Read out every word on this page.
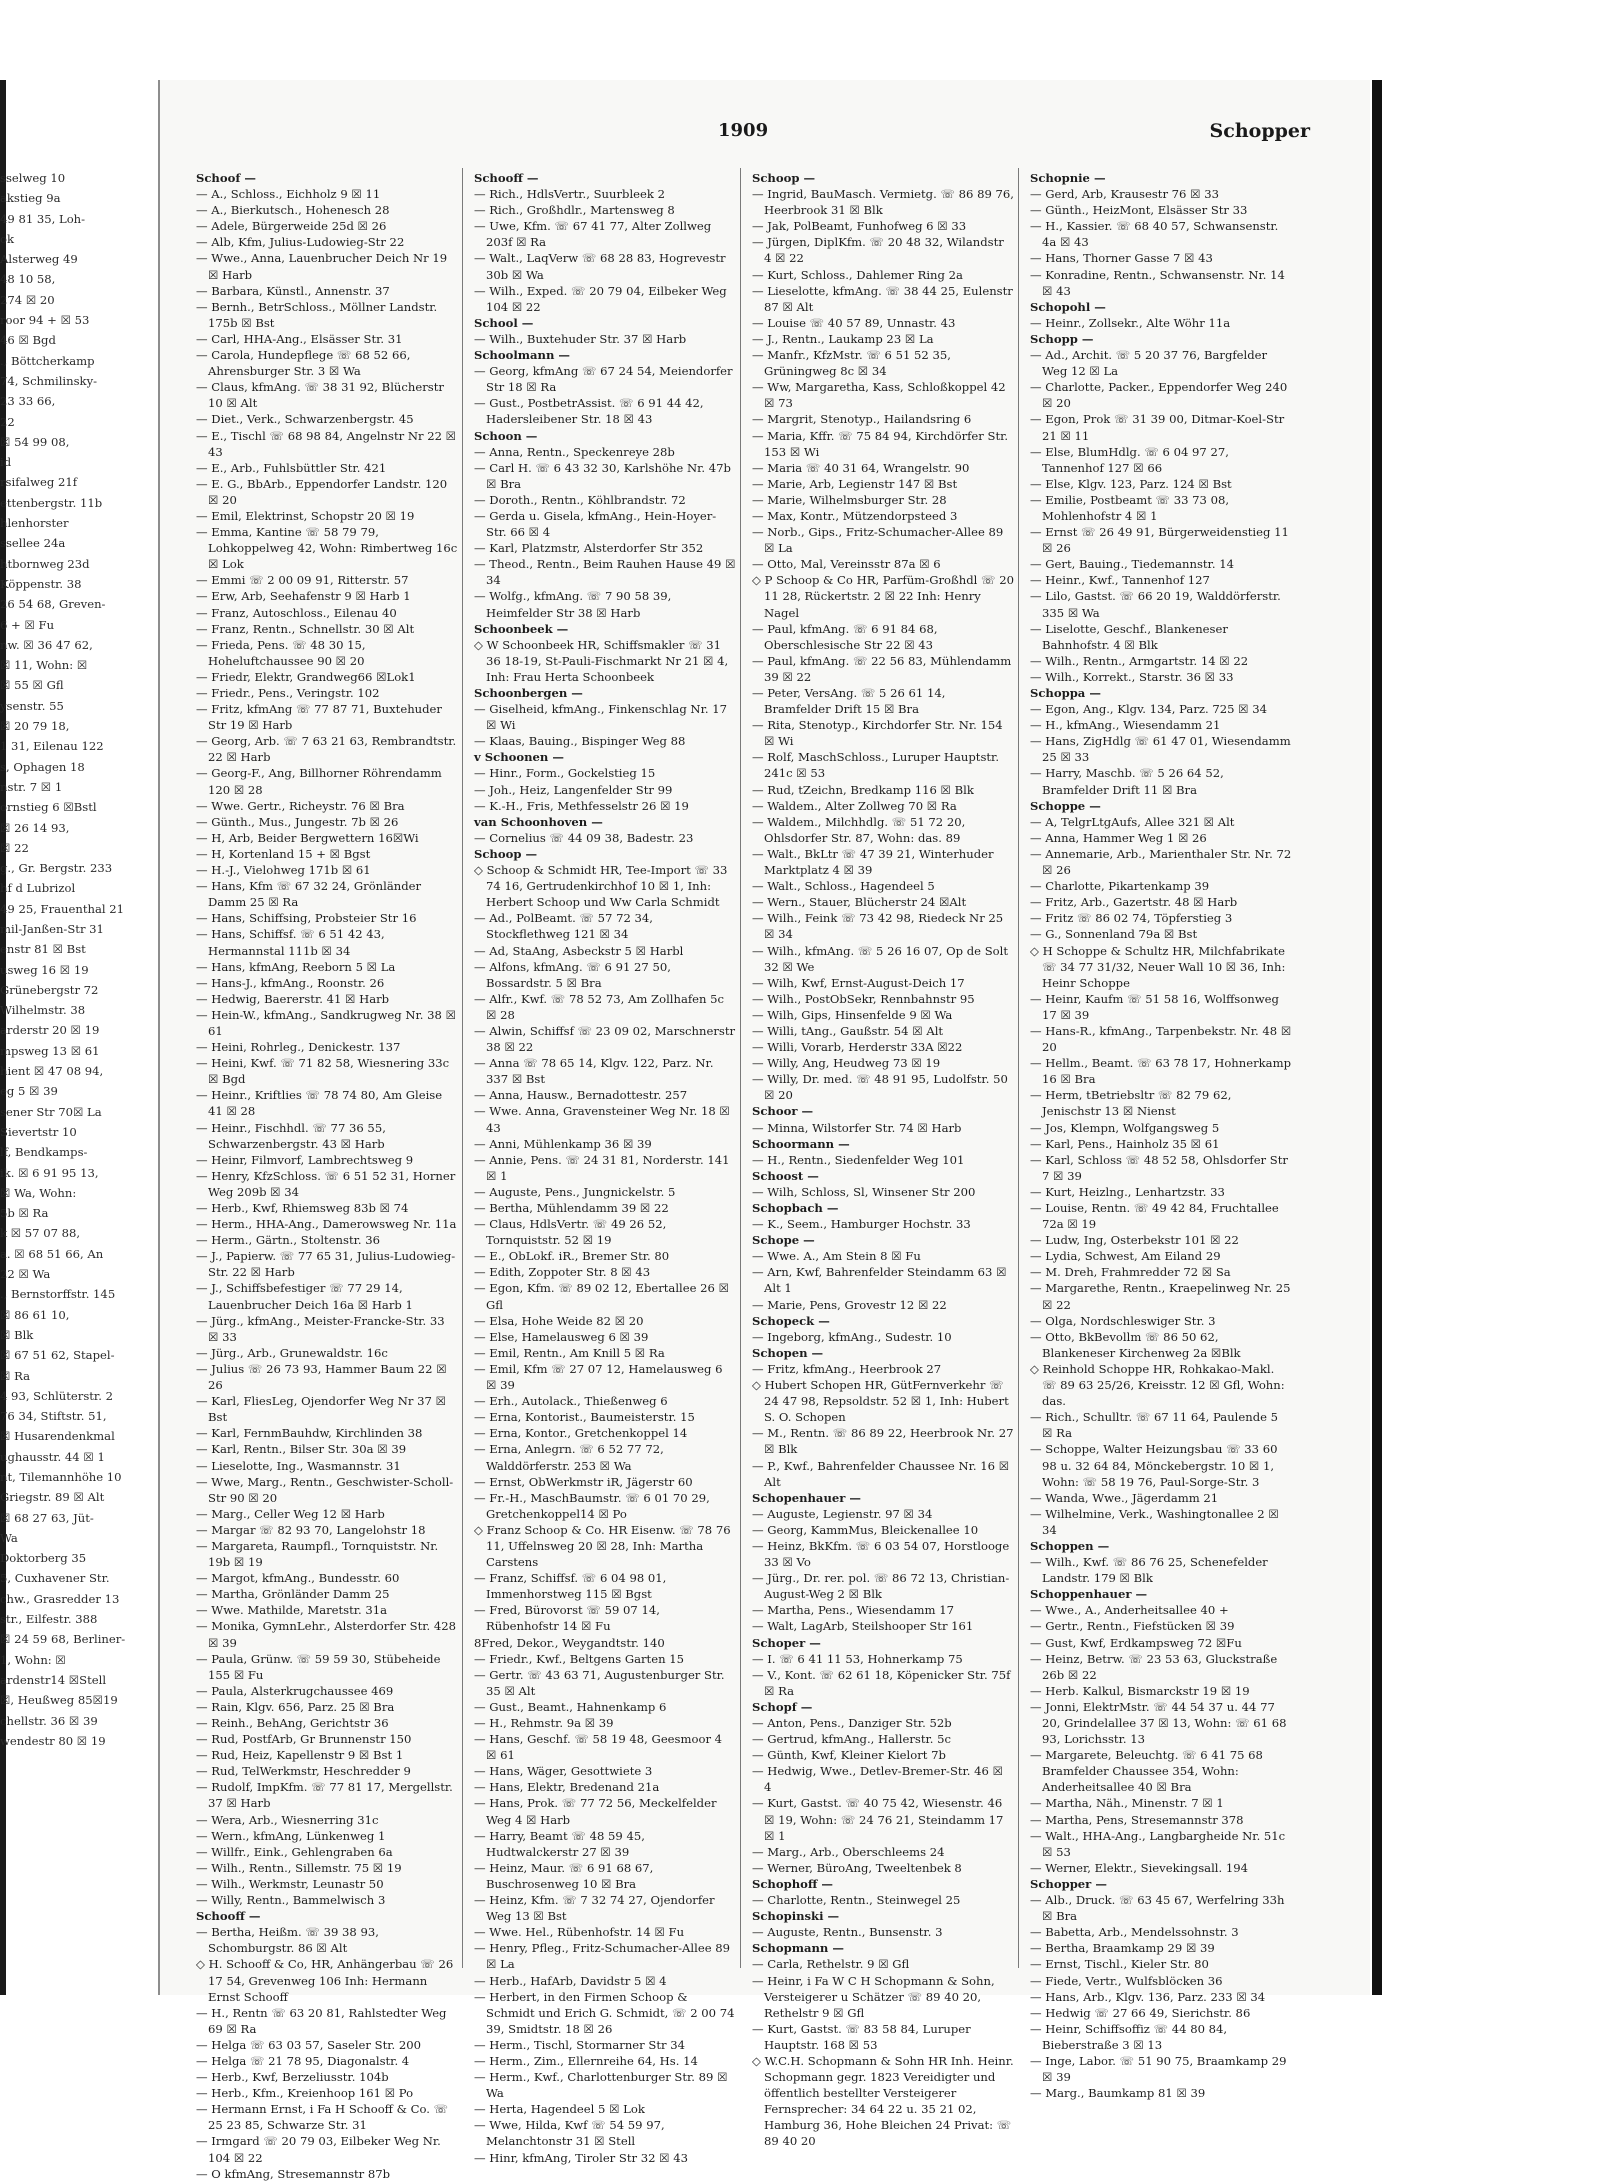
sselweg 10
akstieg 9a
49 81 35, Loh-
ok
Alsterweg 49
48 10 58,
274 ☒ 20
roor 94 + ☒ 53
46 ☒ Bgd
., Böttcherkamp
74, Schmilinsky-
23 33 66,
22
☒ 54 99 08,
id
rsifalweg 21f
ettenbergstr. 11b
hlenhorster
ssellee 24a
htbornweg 23d
Köppenstr. 38
26 54 68, Greven-
6 + ☒ Fu
nw. ☒ 36 47 62,
☒ 11, Wohn: ☒
☒ 55 ☒ Gfl
ysenstr. 55
☒ 20 79 18,
1 31, Eilenau 122
s, Ophagen 18
nstr. 7 ☒ 1
ornstieg 6 ☒Bstl
☒ 26 14 93,
☒ 22
g., Gr. Bergstr. 233
hf d Lubrizol
49 25, Frauenthal 21
mil-Janßen-Str 31
enstr 81 ☒ Bst
usweg 16 ☒ 19
Grünebergstr 72
Wilhelmstr. 38
arderstr 20 ☒ 19
mpsweg 13 ☒ 61
hient ☒ 47 08 94,
eg 5 ☒ 39
sener Str 70☒ La
Sievertstr 10
lf, Bendkamps-
ik. ☒ 6 91 95 13,
☒ Wa, Wohn:
5b ☒ Ra
k ☒ 57 07 88,
a. ☒ 68 51 66, An
22 ☒ Wa
., Bernstorffstr. 145
☒ 86 61 10,
☒ Blk
☒ 67 51 62, Stapel-
☒ Ra
4 93, Schlüterstr. 2
76 34, Stiftstr. 51,
☒ Husarendenkmal
ughausstr. 44 ☒ 1
nt, Tilemannhöhe 10
Griegstr. 89 ☒ Alt
☒ 68 27 63, Jüt-
Wa
Doktorberg 35
5, Cuxhavener Str.
chw., Grasredder 13
str., Eilfestr. 388
☒ 24 59 68, Berliner-
1, Wohn: ☒
ardenstr14 ☒Stell
☒, Heußweg 85☒19
chellstr. 36 ☒ 39
wendestr 80 ☒ 19
1909	Schopper
Schoof —
— A., Schloss., Eichholz 9 ☒ 11
— A., Bierkutsch., Hohenesch 28
— Adele, Bürgerweide 25d ☒ 26
— Alb, Kfm, Julius-Ludowieg-Str 22
— Wwe., Anna, Lauenbrucher Deich Nr 19 ☒ Harb
— Barbara, Künstl., Annenstr. 37
— Bernh., BetrSchloss., Möllner Landstr. 175b ☒ Bst
— Carl, HHA-Ang., Elsässer Str. 31
— Carola, Hundepflege ☏ 68 52 66, Ahrensburger Str. 3 ☒ Wa
— Claus, kfmAng. ☏ 38 31 92, Blücherstr 10 ☒ Alt
— Diet., Verk., Schwarzenbergstr. 45
— E., Tischl ☏ 68 98 84, Angelnstr Nr 22 ☒ 43
— E., Arb., Fuhlsbüttler Str. 421
— E. G., BbArb., Eppendorfer Landstr. 120 ☒ 20
— Emil, Elektrinst, Schopstr 20 ☒ 19
— Emma, Kantine ☏ 58 79 79, Lohkoppelweg 42, Wohn: Rimbertweg 16c ☒ Lok
— Emmi ☏ 2 00 09 91, Ritterstr. 57
— Erw, Arb, Seehafenstr 9 ☒ Harb 1
— Franz, Autoschloss., Eilenau 40
— Franz, Rentn., Schnellstr. 30 ☒ Alt
— Frieda, Pens. ☏ 48 30 15, Hoheluftchaussee 90 ☒ 20
— Friedr, Elektr, Grandweg66 ☒Lok1
— Friedr., Pens., Veringstr. 102
— Fritz, kfmAng ☏ 77 87 71, Buxtehuder Str 19 ☒ Harb
— Georg, Arb. ☏ 7 63 21 63, Rembrandtstr. 22 ☒ Harb
— Georg-F., Ang, Billhorner Röhrendamm 120 ☒ 28
— Wwe. Gertr., Richeystr. 76 ☒ Bra
— Günth., Mus., Jungestr. 7b ☒ 26
— H, Arb, Beider Bergwettern 16☒Wi
— H, Kortenland 15 + ☒ Bgst
— H.-J., Vielohweg 171b ☒ 61
— Hans, Kfm ☏ 67 32 24, Grönländer Damm 25 ☒ Ra
— Hans, Schiffsing, Probsteier Str 16
— Hans, Schiffsf. ☏ 6 51 42 43, Hermannstal 111b ☒ 34
— Hans, kfmAng, Reeborn 5 ☒ La
— Hans-J., kfmAng., Roonstr. 26
— Hedwig, Baererstr. 41 ☒ Harb
— Hein-W., kfmAng., Sandkrugweg Nr. 38 ☒ 61
— Heini, Rohrleg., Denickestr. 137
— Heini, Kwf. ☏ 71 82 58, Wiesnering 33c ☒ Bgd
— Heinr., Kriftlies ☏ 78 74 80, Am Gleise 41 ☒ 28
— Heinr., Fischhdl. ☏ 77 36 55, Schwarzenbergstr. 43 ☒ Harb
— Heinr, Filmvorf, Lambrechtsweg 9
— Henry, KfzSchloss. ☏ 6 51 52 31, Horner Weg 209b ☒ 34
— Herb., Kwf, Rhiemsweg 83b ☒ 74
— Herm., HHA-Ang., Damerowsweg Nr. 11a
— Herm., Gärtn., Stoltenstr. 36
— J., Papierw. ☏ 77 65 31, Julius-Ludowieg-Str. 22 ☒ Harb
— J., Schiffsbefestiger ☏ 77 29 14, Lauenbrucher Deich 16a ☒ Harb 1
— Jürg., kfmAng., Meister-Francke-Str. 33 ☒ 33
— Jürg., Arb., Grunewaldstr. 16c
— Julius ☏ 26 73 93, Hammer Baum 22 ☒ 26
— Karl, FliesLeg, Ojendorfer Weg Nr 37 ☒ Bst
— Karl, FernmBauhdw, Kirchlinden 38
— Karl, Rentn., Bilser Str. 30a ☒ 39
— Lieselotte, Ing., Wasmannstr. 31
— Wwe, Marg., Rentn., Geschwister-Scholl-Str 90 ☒ 20
— Marg., Celler Weg 12 ☒ Harb
— Margar ☏ 82 93 70, Langelohstr 18
— Margareta, Raumpfl., Tornquiststr. Nr. 19b ☒ 19
— Margot, kfmAng., Bundesstr. 60
— Martha, Grönländer Damm 25
— Wwe. Mathilde, Maretstr. 31a
— Monika, GymnLehr., Alsterdorfer Str. 428 ☒ 39
— Paula, Grünw. ☏ 59 59 30, Stübeheide 155 ☒ Fu
— Paula, Alsterkrugchaussee 469
— Rain, Klgv. 656, Parz. 25 ☒ Bra
— Reinh., BehAng, Gerichtstr 36
— Rud, PostfArb, Gr Brunnenstr 150
— Rud, Heiz, Kapellenstr 9 ☒ Bst 1
— Rud, TelWerkmstr, Heschredder 9
— Rudolf, ImpKfm. ☏ 77 81 17, Mergellstr. 37 ☒ Harb
— Wera, Arb., Wiesnerring 31c
— Wern., kfmAng, Lünkenweg 1
— Willfr., Eink., Gehlengraben 6a
— Wilh., Rentn., Sillemstr. 75 ☒ 19
— Wilh., Werkmstr, Leunastr 50
— Willy, Rentn., Bammelwisch 3
Schooff —
— Bertha, Heißm. ☏ 39 38 93, Schomburgstr. 86 ☒ Alt
◇ H. Schooff & Co, HR, Anhängerbau ☏ 26 17 54, Grevenweg 106 Inh: Hermann Ernst Schooff
— H., Rentn ☏ 63 20 81, Rahlstedter Weg 69 ☒ Ra
— Helga ☏ 63 03 57, Saseler Str. 200
— Helga ☏ 21 78 95, Diagonalstr. 4
— Herb., Kwf, Berzeliusstr. 104b
— Herb., Kfm., Kreienhoop 161 ☒ Po
— Hermann Ernst, i Fa H Schooff & Co. ☏ 25 23 85, Schwarze Str. 31
— Irmgard ☏ 20 79 03, Eilbeker Weg Nr. 104 ☒ 22
— O kfmAng, Stresemannstr 87b
Schooff —
— Rich., HdlsVertr., Suurbleek 2
— Rich., Großhdlr., Martensweg 8
— Uwe, Kfm. ☏ 67 41 77, Alter Zollweg 203f ☒ Ra
— Walt., LaqVerw ☏ 68 28 83, Hogrevestr 30b ☒ Wa
— Wilh., Exped. ☏ 20 79 04, Eilbeker Weg 104 ☒ 22
School —
— Wilh., Buxtehuder Str. 37 ☒ Harb
Schoolmann —
— Georg, kfmAng ☏ 67 24 54, Meiendorfer Str 18 ☒ Ra
— Gust., PostbetrAssist. ☏ 6 91 44 42, Hadersleibener Str. 18 ☒ 43
Schoon —
— Anna, Rentn., Speckenreye 28b
— Carl H. ☏ 6 43 32 30, Karlshöhe Nr. 47b ☒ Bra
— Doroth., Rentn., Köhlbrandstr. 72
— Gerda u. Gisela, kfmAng., Hein-Hoyer-Str. 66 ☒ 4
— Karl, Platzmstr, Alsterdorfer Str 352
— Theod., Rentn., Beim Rauhen Hause 49 ☒ 34
— Wolfg., kfmAng. ☏ 7 90 58 39, Heimfelder Str 38 ☒ Harb
Schoonbeek —
◇ W Schoonbeek HR, Schiffsmakler ☏ 31 36 18-19, St-Pauli-Fischmarkt Nr 21 ☒ 4, Inh: Frau Herta Schoonbeek
Schoonbergen —
— Giselheid, kfmAng., Finkenschlag Nr. 17 ☒ Wi
— Klaas, Bauing., Bispinger Weg 88
v Schoonen —
— Hinr., Form., Gockelstieg 15
— Joh., Heiz, Langenfelder Str 99
— K.-H., Fris, Methfesselstr 26 ☒ 19
van Schoonhoven —
— Cornelius ☏ 44 09 38, Badestr. 23
Schoop —
◇ Schoop & Schmidt HR, Tee-Import ☏ 33 74 16, Gertrudenkirchhof 10 ☒ 1, Inh: Herbert Schoop und Ww Carla Schmidt
— Ad., PolBeamt. ☏ 57 72 34, Stockflethweg 121 ☒ 34
— Ad, StaAng, Asbeckstr 5 ☒ Harbl
— Alfons, kfmAng. ☏ 6 91 27 50, Bossardstr. 5 ☒ Bra
— Alfr., Kwf. ☏ 78 52 73, Am Zollhafen 5c ☒ 28
— Alwin, Schiffsf ☏ 23 09 02, Marschnerstr 38 ☒ 22
— Anna ☏ 78 65 14, Klgv. 122, Parz. Nr. 337 ☒ Bst
— Anna, Hausw., Bernadottestr. 257
— Wwe. Anna, Gravensteiner Weg Nr. 18 ☒ 43
— Anni, Mühlenkamp 36 ☒ 39
— Annie, Pens. ☏ 24 31 81, Norderstr. 141 ☒ 1
— Auguste, Pens., Jungnickelstr. 5
— Bertha, Mühlendamm 39 ☒ 22
— Claus, HdlsVertr. ☏ 49 26 52, Tornquiststr. 52 ☒ 19
— E., ObLokf. iR., Bremer Str. 80
— Edith, Zoppoter Str. 8 ☒ 43
— Egon, Kfm. ☏ 89 02 12, Ebertallee 26 ☒ Gfl
— Elsa, Hohe Weide 82 ☒ 20
— Else, Hamelausweg 6 ☒ 39
— Emil, Rentn., Am Knill 5 ☒ Ra
— Emil, Kfm ☏ 27 07 12, Hamelausweg 6 ☒ 39
— Erh., Autolack., Thießenweg 6
— Erna, Kontorist., Baumeisterstr. 15
— Erna, Kontor., Gretchenkoppel 14
— Erna, Anlegrn. ☏ 6 52 77 72, Walddörferstr. 253 ☒ Wa
— Ernst, ObWerkmstr iR, Jägerstr 60
— Fr.-H., MaschBaumstr. ☏ 6 01 70 29, Gretchenkoppel14 ☒ Po
◇ Franz Schoop & Co. HR Eisenw. ☏ 78 76 11, Uffelnsweg 20 ☒ 28, Inh: Martha Carstens
— Franz, Schiffsf. ☏ 6 04 98 01, Immenhorstweg 115 ☒ Bgst
— Fred, Bürovorst ☏ 59 07 14, Rübenhofstr 14 ☒ Fu
8Fred, Dekor., Weygandtstr. 140
— Friedr., Kwf., Beltgens Garten 15
— Gertr. ☏ 43 63 71, Augustenburger Str. 35 ☒ Alt
— Gust., Beamt., Hahnenkamp 6
— H., Rehmstr. 9a ☒ 39
— Hans, Geschf. ☏ 58 19 48, Geesmoor 4 ☒ 61
— Hans, Wäger, Gesottwiete 3
— Hans, Elektr, Bredenand 21a
— Hans, Prok. ☏ 77 72 56, Meckelfelder Weg 4 ☒ Harb
— Harry, Beamt ☏ 48 59 45, Hudtwalckerstr 27 ☒ 39
— Heinz, Maur. ☏ 6 91 68 67, Buschrosenweg 10 ☒ Bra
— Heinz, Kfm. ☏ 7 32 74 27, Ojendorfer Weg 13 ☒ Bst
— Wwe. Hel., Rübenhofstr. 14 ☒ Fu
— Henry, Pfleg., Fritz-Schumacher-Allee 89 ☒ La
— Herb., HafArb, Davidstr 5 ☒ 4
— Herbert, in den Firmen Schoop & Schmidt und Erich G. Schmidt, ☏ 2 00 74 39, Smidtstr. 18 ☒ 26
— Herm., Tischl, Stormarner Str 34
— Herm., Zim., Ellernreihe 64, Hs. 14
— Herm., Kwf., Charlottenburger Str. 89 ☒ Wa
— Herta, Hagendeel 5 ☒ Lok
— Wwe, Hilda, Kwf ☏ 54 59 97, Melanchtonstr 31 ☒ Stell
— Hinr, kfmAng, Tiroler Str 32 ☒ 43
Schoop —
— Ingrid, BauMasch. Vermietg. ☏ 86 89 76, Heerbrook 31 ☒ Blk
— Jak, PolBeamt, Funhofweg 6 ☒ 33
— Jürgen, DiplKfm. ☏ 20 48 32, Wilandstr 4 ☒ 22
— Kurt, Schloss., Dahlemer Ring 2a
— Lieselotte, kfmAng. ☏ 38 44 25, Eulenstr 87 ☒ Alt
— Louise ☏ 40 57 89, Unnastr. 43
— J., Rentn., Laukamp 23 ☒ La
— Manfr., KfzMstr. ☏ 6 51 52 35, Grüningweg 8c ☒ 34
— Ww, Margaretha, Kass, Schloßkoppel 42 ☒ 73
— Margrit, Stenotyp., Hailandsring 6
— Maria, Kffr. ☏ 75 84 94, Kirchdörfer Str. 153 ☒ Wi
— Maria ☏ 40 31 64, Wrangelstr. 90
— Marie, Arb, Legienstr 147 ☒ Bst
— Marie, Wilhelmsburger Str. 28
— Max, Kontr., Mützendorpsteed 3
— Norb., Gips., Fritz-Schumacher-Allee 89 ☒ La
— Otto, Mal, Vereinsstr 87a ☒ 6
◇ P Schoop & Co HR, Parfüm-Großhdl ☏ 20 11 28, Rückertstr. 2 ☒ 22 Inh: Henry Nagel
— Paul, kfmAng. ☏ 6 91 84 68, Oberschlesische Str 22 ☒ 43
— Paul, kfmAng. ☏ 22 56 83, Mühlendamm 39 ☒ 22
— Peter, VersAng. ☏ 5 26 61 14, Bramfelder Drift 15 ☒ Bra
— Rita, Stenotyp., Kirchdorfer Str. Nr. 154 ☒ Wi
— Rolf, MaschSchloss., Luruper Hauptstr. 241c ☒ 53
— Rud, tZeichn, Bredkamp 116 ☒ Blk
— Waldem., Alter Zollweg 70 ☒ Ra
— Waldem., Milchhdlg. ☏ 51 72 20, Ohlsdorfer Str. 87, Wohn: das. 89
— Walt., BkLtr ☏ 47 39 21, Winterhuder Marktplatz 4 ☒ 39
— Walt., Schloss., Hagendeel 5
— Wern., Stauer, Blücherstr 24 ☒Alt
— Wilh., Feink ☏ 73 42 98, Riedeck Nr 25 ☒ 34
— Wilh., kfmAng. ☏ 5 26 16 07, Op de Solt 32 ☒ We
— Wilh, Kwf, Ernst-August-Deich 17
— Wilh., PostObSekr, Rennbahnstr 95
— Wilh, Gips, Hinsenfelde 9 ☒ Wa
— Willi, tAng., Gaußstr. 54 ☒ Alt
— Willi, Vorarb, Herderstr 33A ☒22
— Willy, Ang, Heudweg 73 ☒ 19
— Willy, Dr. med. ☏ 48 91 95, Ludolfstr. 50 ☒ 20
Schoor —
— Minna, Wilstorfer Str. 74 ☒ Harb
Schoormann —
— H., Rentn., Siedenfelder Weg 101
Schoost —
— Wilh, Schloss, Sl, Winsener Str 200
Schopbach —
— K., Seem., Hamburger Hochstr. 33
Schope —
— Wwe. A., Am Stein 8 ☒ Fu
— Arn, Kwf, Bahrenfelder Steindamm 63 ☒ Alt 1
— Marie, Pens, Grovestr 12 ☒ 22
Schopeck —
— Ingeborg, kfmAng., Sudestr. 10
Schopen —
— Fritz, kfmAng., Heerbrook 27
◇ Hubert Schopen HR, GütFernverkehr ☏ 24 47 98, Repsoldstr. 52 ☒ 1, Inh: Hubert S. O. Schopen
— M., Rentn. ☏ 86 89 22, Heerbrook Nr. 27 ☒ Blk
— P., Kwf., Bahrenfelder Chaussee Nr. 16 ☒ Alt
Schopenhauer —
— Auguste, Legienstr. 97 ☒ 34
— Georg, KammMus, Bleickenallee 10
— Heinz, BkKfm. ☏ 6 03 54 07, Horstlooge 33 ☒ Vo
— Jürg., Dr. rer. pol. ☏ 86 72 13, Christian-August-Weg 2 ☒ Blk
— Martha, Pens., Wiesendamm 17
— Walt, LagArb, Steilshooper Str 161
Schoper —
— I. ☏ 6 41 11 53, Hohnerkamp 75
— V., Kont. ☏ 62 61 18, Köpenicker Str. 75f ☒ Ra
Schopf —
— Anton, Pens., Danziger Str. 52b
— Gertrud, kfmAng., Hallerstr. 5c
— Günth, Kwf, Kleiner Kielort 7b
— Hedwig, Wwe., Detlev-Bremer-Str. 46 ☒ 4
— Kurt, Gastst. ☏ 40 75 42, Wiesenstr. 46 ☒ 19, Wohn: ☏ 24 76 21, Steindamm 17 ☒ 1
— Marg., Arb., Oberschleems 24
— Werner, BüroAng, Tweeltenbek 8
Schophoff —
— Charlotte, Rentn., Steinwegel 25
Schopinski —
— Auguste, Rentn., Bunsenstr. 3
Schopmann —
— Carla, Rethelstr. 9 ☒ Gfl
— Heinr, i Fa W C H Schopmann & Sohn, Versteigerer u Schätzer ☏ 89 40 20, Rethelstr 9 ☒ Gfl
— Kurt, Gastst. ☏ 83 58 84, Luruper Hauptstr. 168 ☒ 53
◇ W.C.H. Schopmann & Sohn HR Inh. Heinr. Schopmann gegr. 1823 Vereidigter und öffentlich bestellter Versteigerer Fernsprecher: 34 64 22 u. 35 21 02, Hamburg 36, Hohe Bleichen 24 Privat: ☏ 89 40 20
Schopnie —
— Gerd, Arb, Krausestr 76 ☒ 33
— Günth., HeizMont, Elsässer Str 33
— H., Kassier. ☏ 68 40 57, Schwansenstr. 4a ☒ 43
— Hans, Thorner Gasse 7 ☒ 43
— Konradine, Rentn., Schwansenstr. Nr. 14 ☒ 43
Schopohl —
— Heinr., Zollsekr., Alte Wöhr 11a
Schopp —
— Ad., Archit. ☏ 5 20 37 76, Bargfelder Weg 12 ☒ La
— Charlotte, Packer., Eppendorfer Weg 240 ☒ 20
— Egon, Prok ☏ 31 39 00, Ditmar-Koel-Str 21 ☒ 11
— Else, BlumHdlg. ☏ 6 04 97 27, Tannenhof 127 ☒ 66
— Else, Klgv. 123, Parz. 124 ☒ Bst
— Emilie, Postbeamt ☏ 33 73 08, Mohlenhofstr 4 ☒ 1
— Ernst ☏ 26 49 91, Bürgerweidenstieg 11 ☒ 26
— Gert, Bauing., Tiedemannstr. 14
— Heinr., Kwf., Tannenhof 127
— Lilo, Gastst. ☏ 66 20 19, Walddörferstr. 335 ☒ Wa
— Liselotte, Geschf., Blankeneser Bahnhofstr. 4 ☒ Blk
— Wilh., Rentn., Armgartstr. 14 ☒ 22
— Wilh., Korrekt., Starstr. 36 ☒ 33
Schoppa —
— Egon, Ang., Klgv. 134, Parz. 725 ☒ 34
— H., kfmAng., Wiesendamm 21
— Hans, ZigHdlg ☏ 61 47 01, Wiesendamm 25 ☒ 33
— Harry, Maschb. ☏ 5 26 64 52, Bramfelder Drift 11 ☒ Bra
Schoppe —
— A, TelgrLtgAufs, Allee 321 ☒ Alt
— Anna, Hammer Weg 1 ☒ 26
— Annemarie, Arb., Marienthaler Str. Nr. 72 ☒ 26
— Charlotte, Pikartenkamp 39
— Fritz, Arb., Gazertstr. 48 ☒ Harb
— Fritz ☏ 86 02 74, Töpferstieg 3
— G., Sonnenland 79a ☒ Bst
◇ H Schoppe & Schultz HR, Milchfabrikate ☏ 34 77 31/32, Neuer Wall 10 ☒ 36, Inh: Heinr Schoppe
— Heinr, Kaufm ☏ 51 58 16, Wolffsonweg 17 ☒ 39
— Hans-R., kfmAng., Tarpenbekstr. Nr. 48 ☒ 20
— Hellm., Beamt. ☏ 63 78 17, Hohnerkamp 16 ☒ Bra
— Herm, tBetriebsltr ☏ 82 79 62, Jenischstr 13 ☒ Nienst
— Jos, Klempn, Wolfgangsweg 5
— Karl, Pens., Hainholz 35 ☒ 61
— Karl, Schloss ☏ 48 52 58, Ohlsdorfer Str 7 ☒ 39
— Kurt, Heizlng., Lenhartzstr. 33
— Louise, Rentn. ☏ 49 42 84, Fruchtallee 72a ☒ 19
— Ludw, Ing, Osterbekstr 101 ☒ 22
— Lydia, Schwest, Am Eiland 29
— M. Dreh, Frahmredder 72 ☒ Sa
— Margarethe, Rentn., Kraepelinweg Nr. 25 ☒ 22
— Olga, Nordschleswiger Str. 3
— Otto, BkBevollm ☏ 86 50 62, Blankeneser Kirchenweg 2a ☒Blk
◇ Reinhold Schoppe HR, Rohkakao-Makl. ☏ 89 63 25/26, Kreisstr. 12 ☒ Gfl, Wohn: das.
— Rich., Schulltr. ☏ 67 11 64, Paulende 5 ☒ Ra
— Schoppe, Walter Heizungsbau ☏ 33 60 98 u. 32 64 84, Mönckebergstr. 10 ☒ 1, Wohn: ☏ 58 19 76, Paul-Sorge-Str. 3
— Wanda, Wwe., Jägerdamm 21
— Wilhelmine, Verk., Washingtonallee 2 ☒ 34
Schoppen —
— Wilh., Kwf. ☏ 86 76 25, Schenefelder Landstr. 179 ☒ Blk
Schoppenhauer —
— Wwe., A., Anderheitsallee 40 +
— Gertr., Rentn., Fiefstücken ☒ 39
— Gust, Kwf, Erdkampsweg 72 ☒Fu
— Heinz, Betrw. ☏ 23 53 63, Gluckstraße 26b ☒ 22
— Herb. Kalkul, Bismarckstr 19 ☒ 19
— Jonni, ElektrMstr. ☏ 44 54 37 u. 44 77 20, Grindelallee 37 ☒ 13, Wohn: ☏ 61 68 93, Lorichsstr. 13
— Margarete, Beleuchtg. ☏ 6 41 75 68 Bramfelder Chaussee 354, Wohn: Anderheitsallee 40 ☒ Bra
— Martha, Näh., Minenstr. 7 ☒ 1
— Martha, Pens, Stresemannstr 378
— Walt., HHA-Ang., Langbargheide Nr. 51c ☒ 53
— Werner, Elektr., Sievekingsall. 194
Schopper —
— Alb., Druck. ☏ 63 45 67, Werfelring 33h ☒ Bra
— Babetta, Arb., Mendelssohnstr. 3
— Bertha, Braamkamp 29 ☒ 39
— Ernst, Tischl., Kieler Str. 80
— Fiede, Vertr., Wulfsblöcken 36
— Hans, Arb., Klgv. 136, Parz. 233 ☒ 34
— Hedwig ☏ 27 66 49, Sierichstr. 86
— Heinr, Schiffsoffiz ☏ 44 80 84, Bieberstraße 3 ☒ 13
— Inge, Labor. ☏ 51 90 75, Braamkamp 29 ☒ 39
— Marg., Baumkamp 81 ☒ 39
